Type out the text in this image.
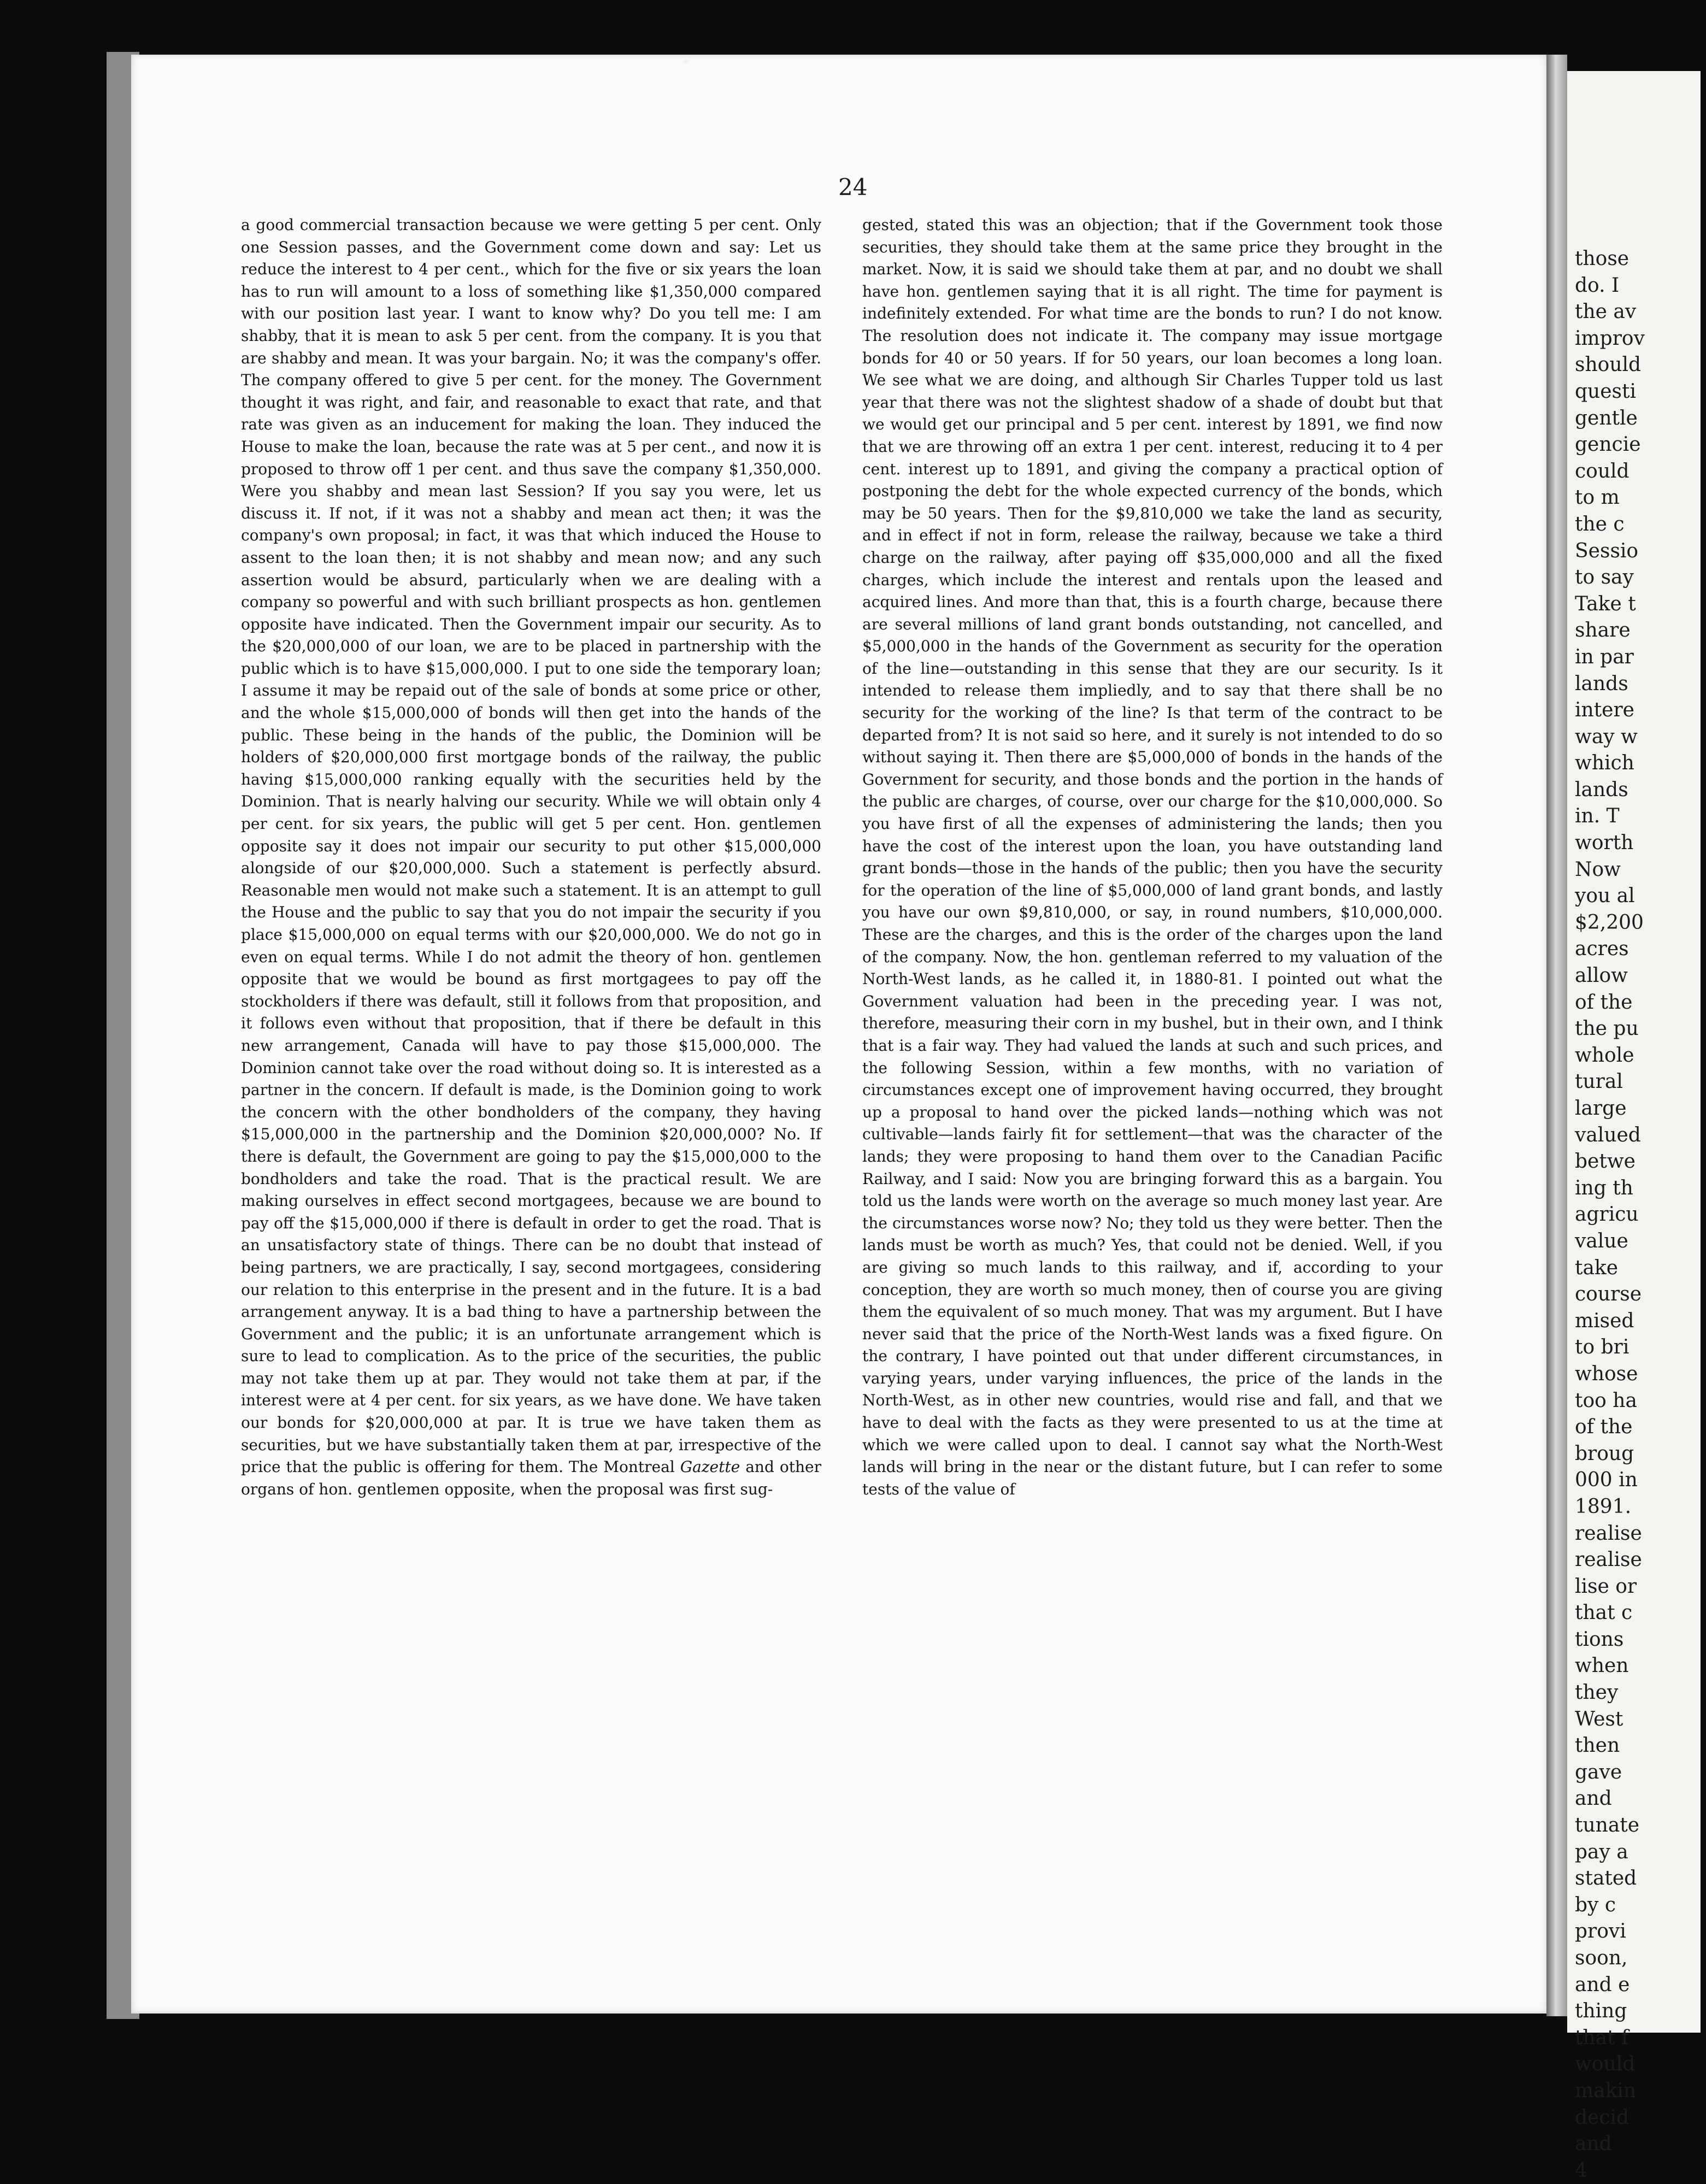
24

a good commercial transaction because we were getting 5 per cent. Only one Session passes, and the Government come down and say: Let us reduce the interest to 4 per cent., which for the five or six years the loan has to run will amount to a loss of something like $1,350,000 compared with our position last year. I want to know why? Do you tell me: I am shabby, that it is mean to ask 5 per cent. from the company. It is you that are shabby and mean. It was your bargain. No; it was the company's offer. The company offered to give 5 per cent. for the money. The Government thought it was right, and fair, and reasonable to exact that rate, and that rate was given as an inducement for making the loan. They induced the House to make the loan, because the rate was at 5 per cent., and now it is proposed to throw off 1 per cent. and thus save the company $1,350,000. Were you shabby and mean last Session? If you say you were, let us discuss it. If not, if it was not a shabby and mean act then; it was the company's own proposal; in fact, it was that which induced the House to assent to the loan then; it is not shabby and mean now; and any such assertion would be absurd, particularly when we are dealing with a company so powerful and with such brilliant prospects as hon. gentlemen opposite have indicated. Then the Government impair our security. As to the $20,000,000 of our loan, we are to be placed in partnership with the public which is to have $15,000,000. I put to one side the temporary loan; I assume it may be repaid out of the sale of bonds at some price or other, and the whole $15,000,000 of bonds will then get into the hands of the public. These being in the hands of the public, the Dominion will be holders of $20,000,000 first mortgage bonds of the railway, the public having $15,000,000 ranking equally with the securities held by the Dominion. That is nearly halving our security. While we will obtain only 4 per cent. for six years, the public will get 5 per cent. Hon. gentlemen opposite say it does not impair our security to put other $15,000,000 alongside of our $20,000,000. Such a statement is perfectly absurd. Reasonable men would not make such a statement. It is an attempt to gull the House and the public to say that you do not impair the security if you place $15,000,000 on equal terms with our $20,000,000. We do not go in even on equal terms. While I do not admit the theory of hon. gentlemen opposite that we would be bound as first mortgagees to pay off the stockholders if there was default, still it follows from that proposition, and it follows even without that proposition, that if there be default in this new arrangement, Canada will have to pay those $15,000,000. The Dominion cannot take over the road without doing so. It is interested as a partner in the concern. If default is made, is the Dominion going to work the concern with the other bondholders of the company, they having $15,000,000 in the partnership and the Dominion $20,000,000? No. If there is default, the Government are going to pay the $15,000,000 to the bondholders and take the road. That is the practical result. We are making ourselves in effect second mortgagees, because we are bound to pay off the $15,000,000 if there is default in order to get the road. That is an unsatisfactory state of things. There can be no doubt that instead of being partners, we are practically, I say, second mortgagees, considering our relation to this enterprise in the present and in the future. It is a bad arrangement anyway. It is a bad thing to have a partnership between the Government and the public; it is an unfortunate arrangement which is sure to lead to complication. As to the price of the securities, the public may not take them up at par. They would not take them at par, if the interest were at 4 per cent. for six years, as we have done. We have taken our bonds for $20,000,000 at par. It is true we have taken them as securities, but we have substantially taken them at par, irrespective of the price that the public is offering for them. The Montreal Gazette and other organs of hon. gentlemen opposite, when the proposal was first sug-

gested, stated this was an objection; that if the Government took those securities, they should take them at the same price they brought in the market. Now, it is said we should take them at par, and no doubt we shall have hon. gentlemen saying that it is all right. The time for payment is indefinitely extended. For what time are the bonds to run? I do not know. The resolution does not indicate it. The company may issue mortgage bonds for 40 or 50 years. If for 50 years, our loan becomes a long loan. We see what we are doing, and although Sir Charles Tupper told us last year that there was not the slightest shadow of a shade of doubt but that we would get our principal and 5 per cent. interest by 1891, we find now that we are throwing off an extra 1 per cent. interest, reducing it to 4 per cent. interest up to 1891, and giving the company a practical option of postponing the debt for the whole expected currency of the bonds, which may be 50 years. Then for the $9,810,000 we take the land as security, and in effect if not in form, release the railway, because we take a third charge on the railway, after paying off $35,000,000 and all the fixed charges, which include the interest and rentals upon the leased and acquired lines. And more than that, this is a fourth charge, because there are several millions of land grant bonds outstanding, not cancelled, and $5,000,000 in the hands of the Government as security for the operation of the line—outstanding in this sense that they are our security. Is it intended to release them impliedly, and to say that there shall be no security for the working of the line? Is that term of the contract to be departed from? It is not said so here, and it surely is not intended to do so without saying it. Then there are $5,000,000 of bonds in the hands of the Government for security, and those bonds and the portion in the hands of the public are charges, of course, over our charge for the $10,000,000. So you have first of all the expenses of administering the lands; then you have the cost of the interest upon the loan, you have outstanding land grant bonds—those in the hands of the public; then you have the security for the operation of the line of $5,000,000 of land grant bonds, and lastly you have our own $9,810,000, or say, in round numbers, $10,000,000. These are the charges, and this is the order of the charges upon the land of the company. Now, the hon. gentleman referred to my valuation of the North-West lands, as he called it, in 1880-81. I pointed out what the Government valuation had been in the preceding year. I was not, therefore, measuring their corn in my bushel, but in their own, and I think that is a fair way. They had valued the lands at such and such prices, and the following Session, within a few months, with no variation of circumstances except one of improvement having occurred, they brought up a proposal to hand over the picked lands—nothing which was not cultivable—lands fairly fit for settlement—that was the character of the lands; they were proposing to hand them over to the Canadian Pacific Railway, and I said: Now you are bringing forward this as a bargain. You told us the lands were worth on the average so much money last year. Are the circumstances worse now? No; they told us they were better. Then the lands must be worth as much? Yes, that could not be denied. Well, if you are giving so much lands to this railway, and if, according to your conception, they are worth so much money, then of course you are giving them the equivalent of so much money. That was my argument. But I have never said that the price of the North-West lands was a fixed figure. On the contrary, I have pointed out that under different circumstances, in varying years, under varying influences, the price of the lands in the North-West, as in other new countries, would rise and fall, and that we have to deal with the facts as they were presented to us at the time at which we were called upon to deal. I cannot say what the North-West lands will bring in the near or the distant future, but I can refer to some tests of the value of

those
do. I
the av
improv
should
questi
gentle
gencie
could
to m
the c
Sessio
to say
Take t
share
in par
lands
intere
way w
which
lands
in. T
worth
Now
you al
$2,200
acres
allow
of the
the pu
whole
tural
large
valued
betwe
ing th
agricu
value
take
course
mised
to bri
whose
too ha
of the
broug
000 in
1891.
realise
realise
lise or
that c
tions
when
they
West
then
gave
and
tunate
pay a
stated
by c
provi
soon,
and e
thing
that f
would
makin
decid
and
4
